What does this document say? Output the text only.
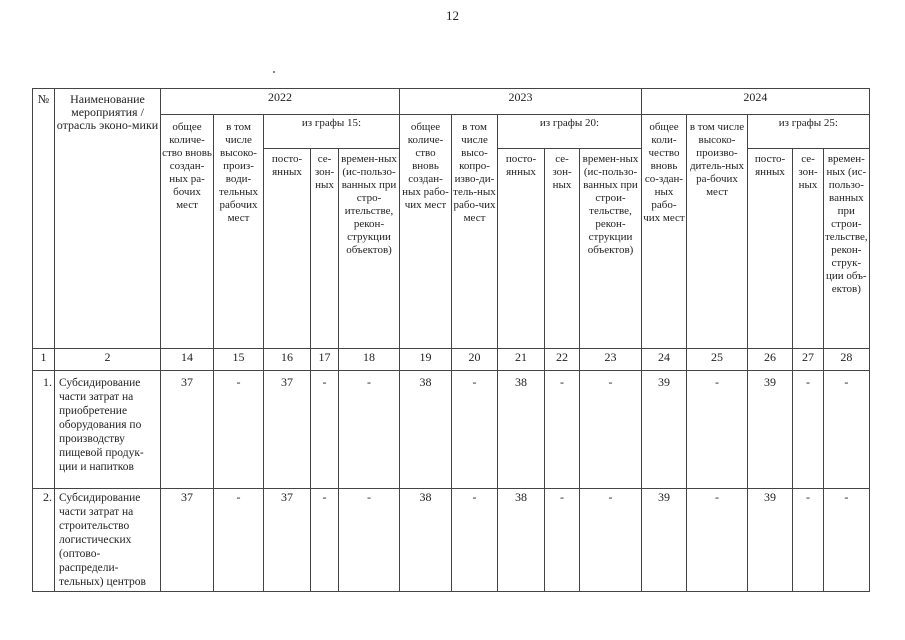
12
№	Наименование мероприятия /отрасль эконо-мики	2022					2023					2024				
		общее количе-ство вновь создан-ных ра-бочих мест	в том числе высоко-произ-води-тельных рабочих мест	из графы 15:			общее количе-ство вновь создан-ных рабо-чих мест	в том числе высо-копро-изво-ди-тель-ных рабо-чих мест	из графы 20:			общее коли-чество вновь со-здан-ных рабо-чих мест	в том числе высоко-произво-дитель-ных ра-бочих мест	из графы 25:		
				посто-янных	се-зон-ных	времен-ных (ис-пользо-ванных при стро-ительстве, рекон-струкции объектов)			посто-янных	се-зон-ных	времен-ных (ис-пользо-ванных при строи-тельстве, рекон-струкции объектов)			посто-янных	се-зон-ных	времен-ных (ис-пользо-ванных при строи-тельстве, рекон-струк-ции объ-ектов)
1	2	14	15	16	17	18	19	20	21	22	23	24	25	26	27	28
1.	Субсидирование части затрат на приобретение оборудования по производству пищевой продук-ции и напитков	37	-	37	-	-	38	-	38	-	-	39	-	39	-	-
2.	Субсидирование части затрат на строительство логистических (оптово-распредели-тельных) центров	37	-	37	-	-	38	-	38	-	-	39	-	39	-	-
